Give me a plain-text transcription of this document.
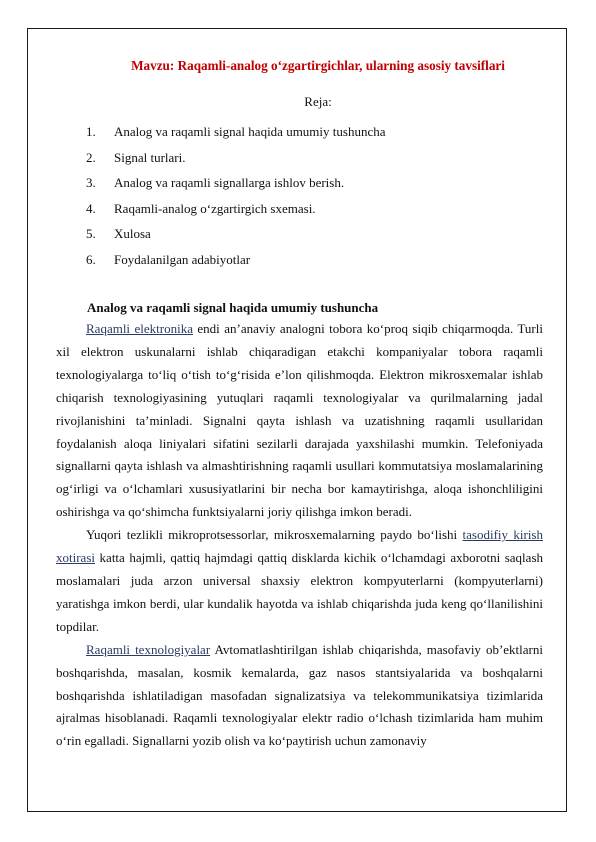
Mavzu: Raqamli-analog o‘zgartirgichlar, ularning asosiy tavsiflari
Reja:
1.	Analog va raqamli signal haqida umumiy tushuncha
2.	Signal turlari.
3.	Analog va raqamli signallarga ishlov berish.
4.	Raqamli-analog o‘zgartirgich sxemasi.
5.	Xulosa
6.	Foydalanilgan adabiyotlar
Analog va raqamli signal haqida umumiy tushuncha

Raqamli elektronika endi an’anaviy analogni tobora ko‘proq siqib chiqarmoqda. Turli xil elektron uskunalarni ishlab chiqaradigan etakchi kompaniyalar tobora raqamli texnologiyalarga to‘liq o‘tish to‘g‘risida e’lon qilishmoqda. Elektron mikrosxemalar ishlab chiqarish texnologiyasining yutuqlari raqamli texnologiyalar va qurilmalarning jadal rivojlanishini ta’minladi. Signalni qayta ishlash va uzatishning raqamli usullaridan foydalanish aloqa liniyalari sifatini sezilarli darajada yaxshilashi mumkin. Telefoniyada signallarni qayta ishlash va almashtirishning raqamli usullari kommutatsiya moslamalarining og‘irligi va o‘lchamlari xususiyatlarini bir necha bor kamaytirishga, aloqa ishonchliligini oshirishga va qo‘shimcha funktsiyalarni joriy qilishga imkon beradi.

Yuqori tezlikli mikroprotsessorlar, mikrosxemalarning paydo bo‘lishi tasodifiy kirish xotirasi katta hajmli, qattiq hajmdagi qattiq disklarda kichik o‘lchamdagi axborotni saqlash moslamalari juda arzon universal shaxsiy elektron kompyuterlarni (kompyuterlarni) yaratishga imkon berdi, ular kundalik hayotda va ishlab chiqarishda juda keng qo‘llanilishini topdilar.

Raqamli texnologiyalar Avtomatlashtirilgan ishlab chiqarishda, masofaviy ob’ektlarni boshqarishda, masalan, kosmik kemalarda, gaz nasos stantsiyalarida va boshqalarni boshqarishda ishlatiladigan masofadan signalizatsiya va telekommunikatsiya tizimlarida ajralmas hisoblanadi. Raqamli texnologiyalar elektr radio o‘lchash tizimlarida ham muhim o‘rin egalladi. Signallarni yozib olish va ko‘paytirish uchun zamonaviy
